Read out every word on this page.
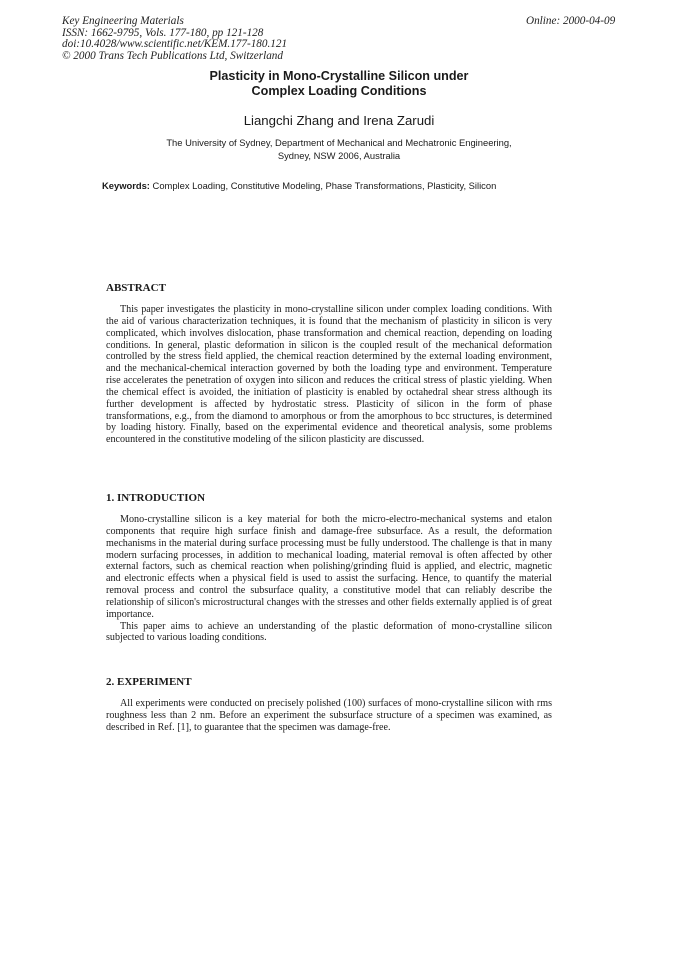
Key Engineering Materials
ISSN: 1662-9795, Vols. 177-180, pp 121-128
doi:10.4028/www.scientific.net/KEM.177-180.121
© 2000 Trans Tech Publications Ltd, Switzerland
Online: 2000-04-09
Plasticity in Mono-Crystalline Silicon under
Complex Loading Conditions
Liangchi Zhang and Irena Zarudi
The University of Sydney, Department of Mechanical and Mechatronic Engineering,
Sydney, NSW 2006, Australia
Keywords: Complex Loading, Constitutive Modeling, Phase Transformations, Plasticity, Silicon
ABSTRACT

This paper investigates the plasticity in mono-crystalline silicon under complex loading conditions. With the aid of various characterization techniques, it is found that the mechanism of plasticity in silicon is very complicated, which involves dislocation, phase transformation and chemical reaction, depending on loading conditions. In general, plastic deformation in silicon is the coupled result of the mechanical deformation controlled by the stress field applied, the chemical reaction determined by the external loading environment, and the mechanical-chemical interaction governed by both the loading type and environment. Temperature rise accelerates the penetration of oxygen into silicon and reduces the critical stress of plastic yielding. When the chemical effect is avoided, the initiation of plasticity is enabled by octahedral shear stress although its further development is affected by hydrostatic stress. Plasticity of silicon in the form of phase transformations, e.g., from the diamond to amorphous or from the amorphous to bcc structures, is determined by loading history. Finally, based on the experimental evidence and theoretical analysis, some problems encountered in the constitutive modeling of the silicon plasticity are discussed.

1. INTRODUCTION

Mono-crystalline silicon is a key material for both the micro-electro-mechanical systems and etalon components that require high surface finish and damage-free subsurface. As a result, the deformation mechanisms in the material during surface processing must be fully understood. The challenge is that in many modern surfacing processes, in addition to mechanical loading, material removal is often affected by other external factors, such as chemical reaction when polishing/grinding fluid is applied, and electric, magnetic and electronic effects when a physical field is used to assist the surfacing. Hence, to quantify the material removal process and control the subsurface quality, a constitutive model that can reliably describe the relationship of silicon's microstructural changes with the stresses and other fields externally applied is of great importance.

This paper aims to achieve an understanding of the plastic deformation of mono-crystalline silicon subjected to various loading conditions.

2. EXPERIMENT

All experiments were conducted on precisely polished (100) surfaces of mono-crystalline silicon with rms roughness less than 2 nm. Before an experiment the subsurface structure of a specimen was examined, as described in Ref. [1], to guarantee that the specimen was damage-free.
